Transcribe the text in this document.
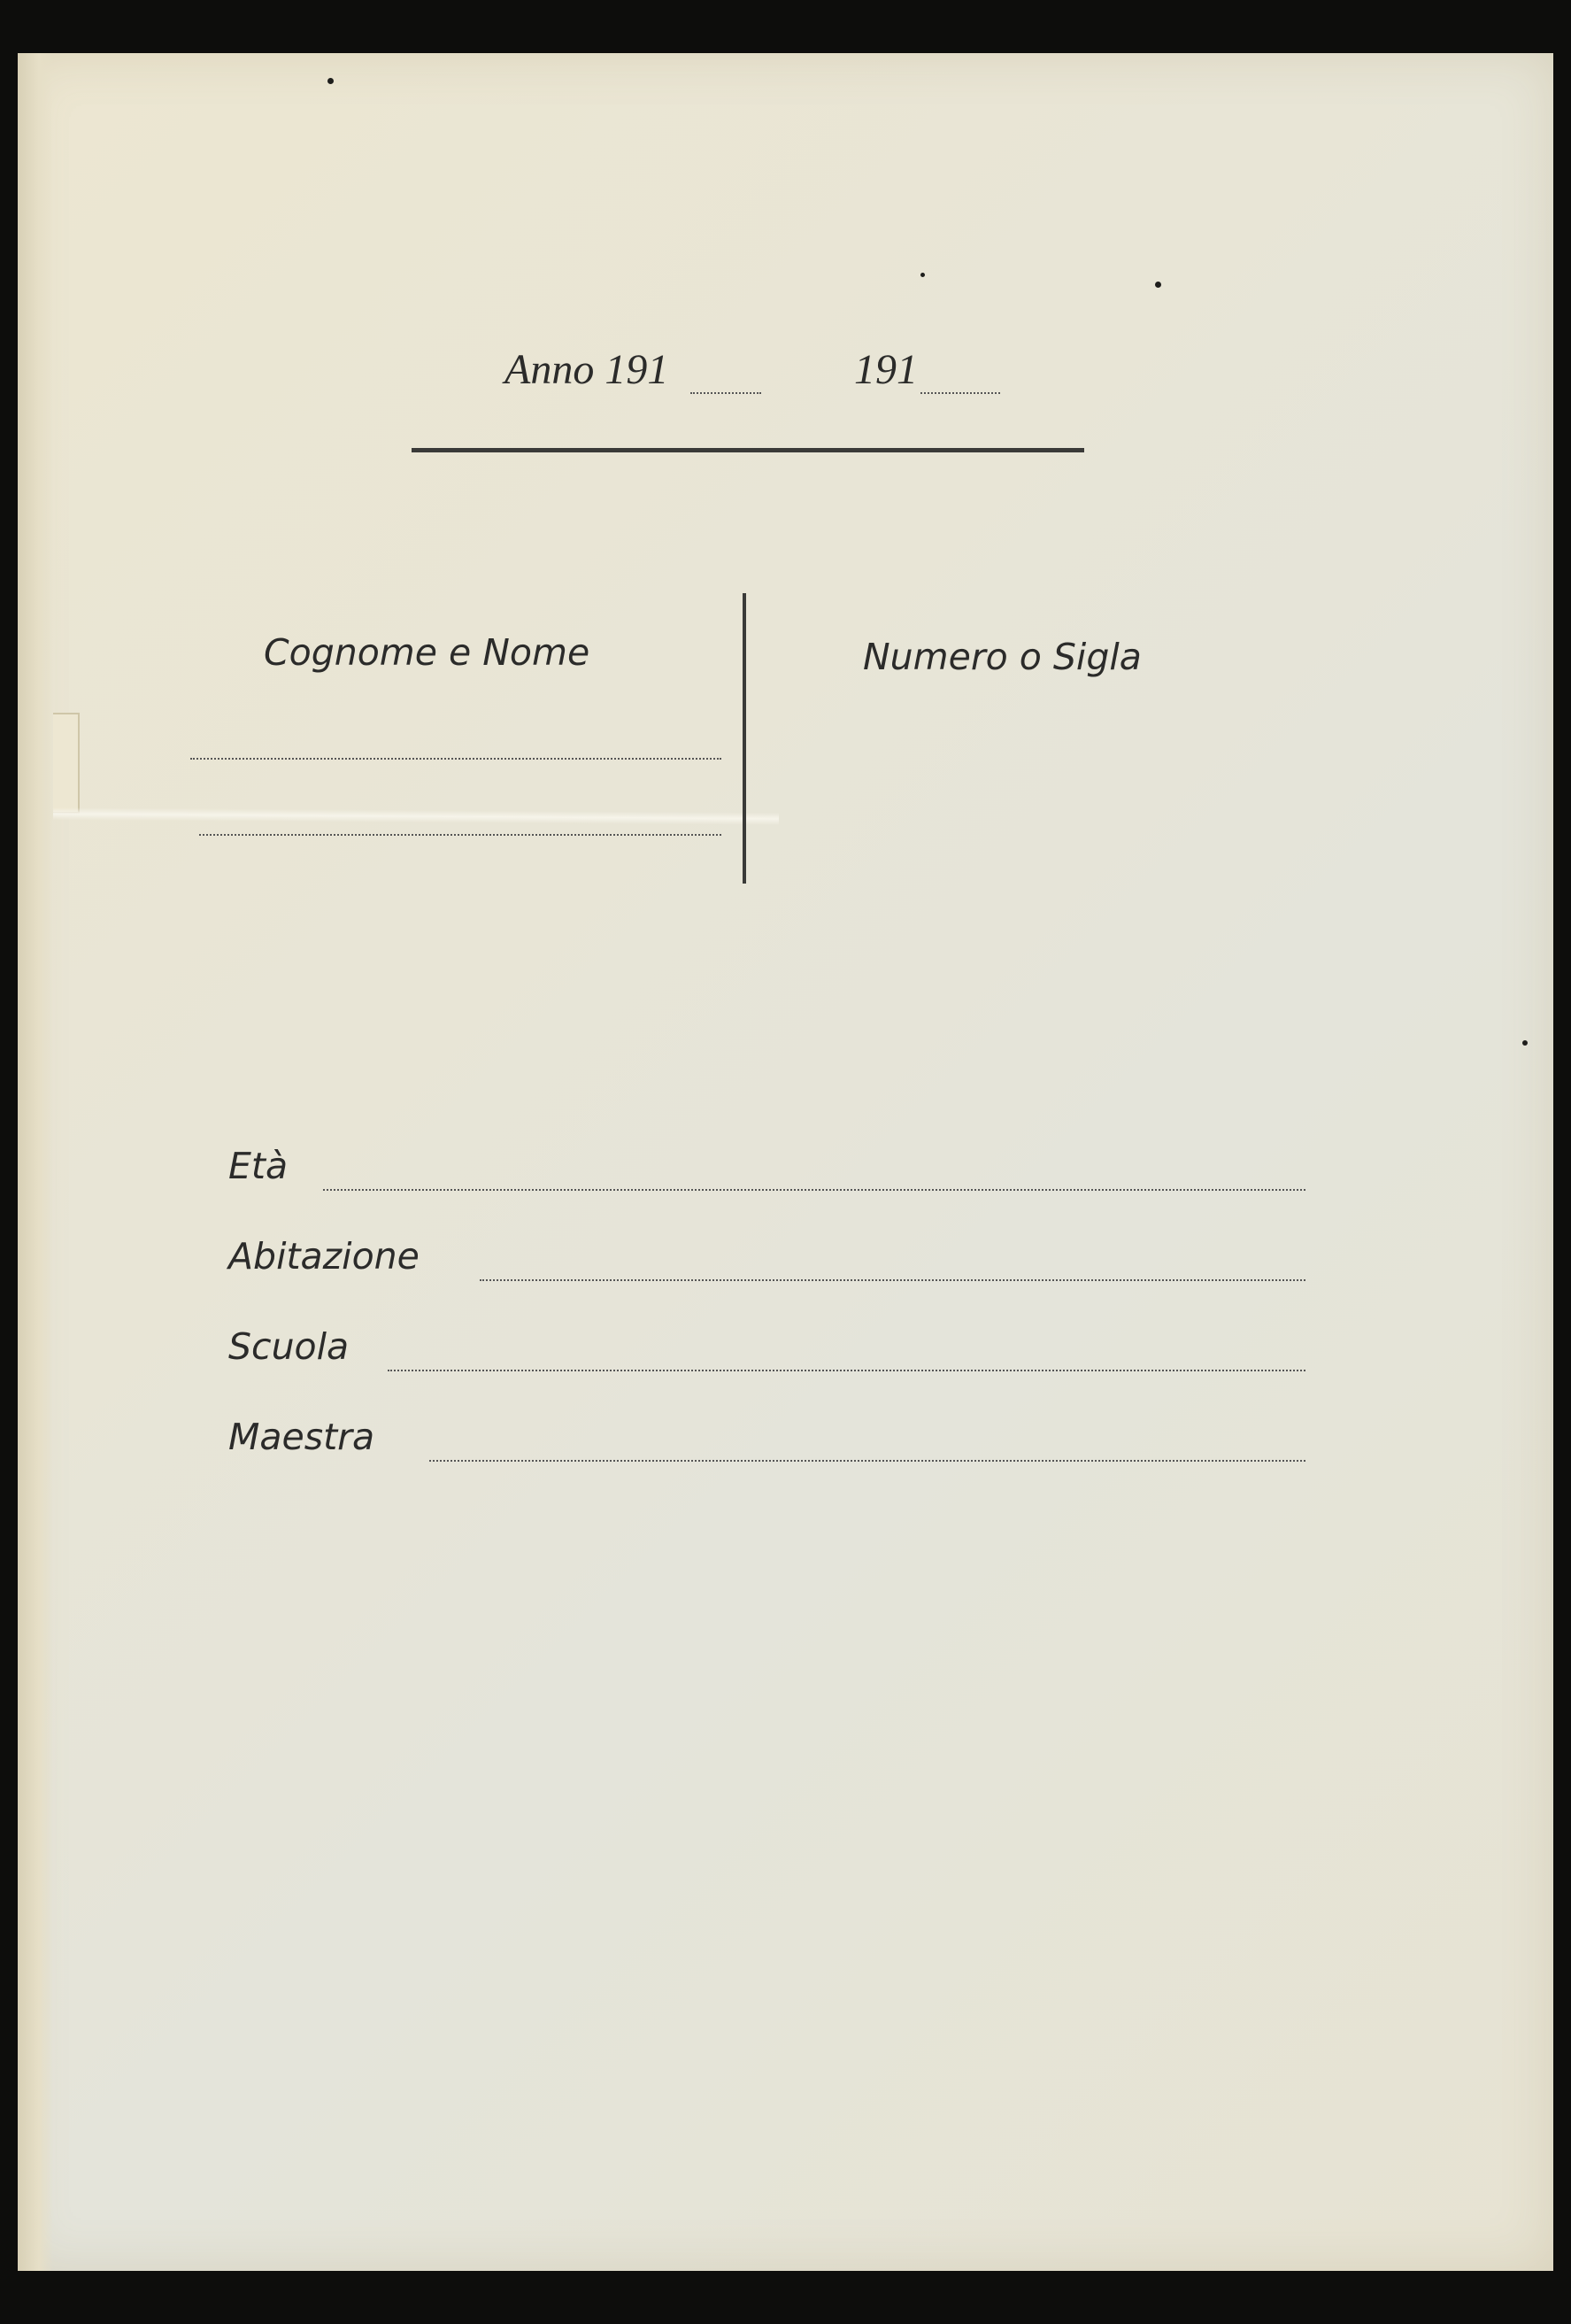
Anno 191	191
Cognome e Nome	Numero o Sigla
Età
Abitazione
Scuola
Maestra
